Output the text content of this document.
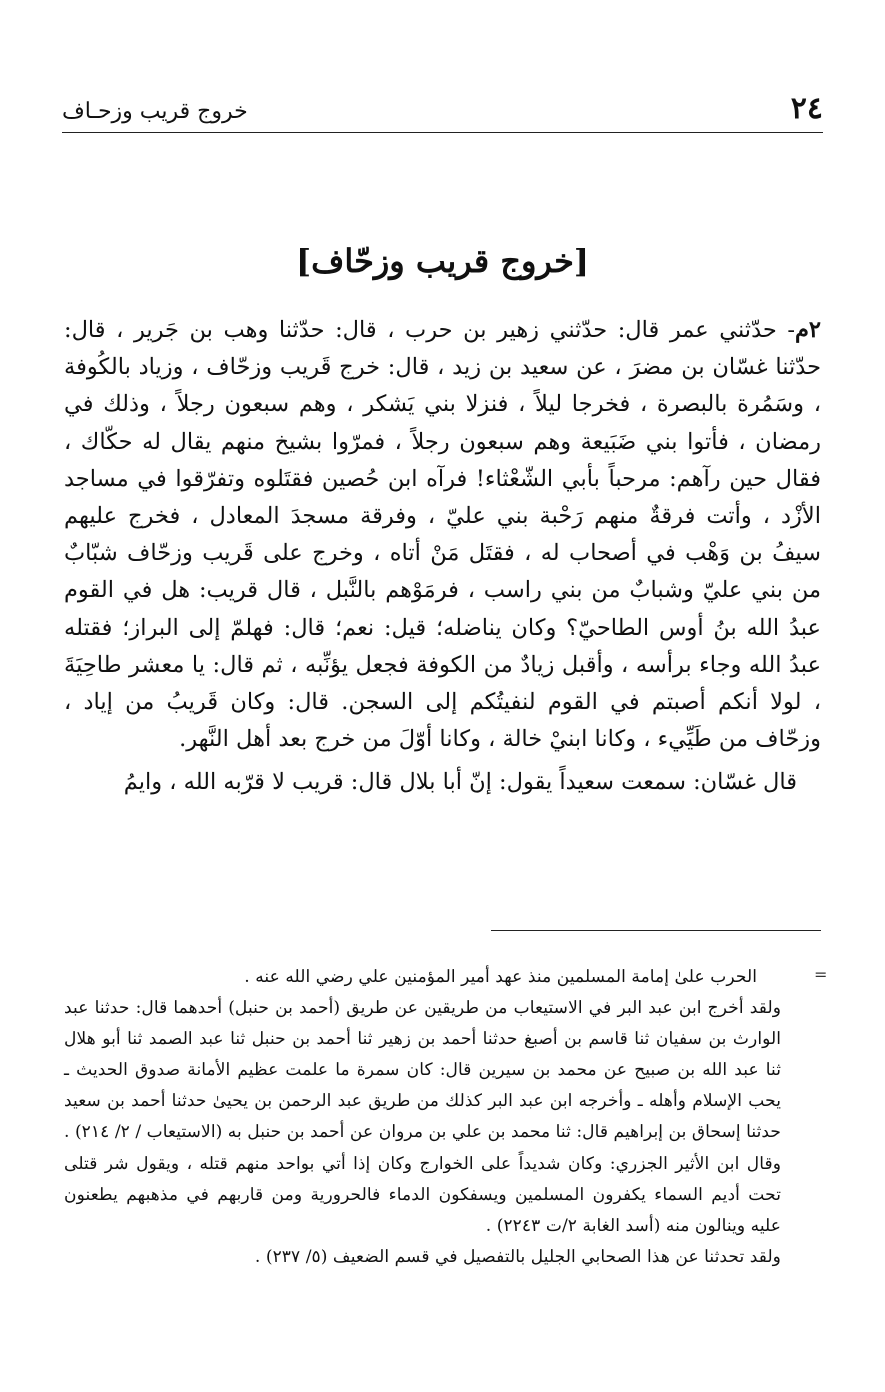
٢٤
خروج قريب وزحـاف
[خروج قريب وزحّاف]

٢م- حدّثني عمر قال: حدّثني زهير بن حرب ، قال: حدّثنا وهب بن جَرير ، قال: حدّثنا غسّان بن مضرَ ، عن سعيد بن زيد ، قال: خرج قَريب وزحّاف ، وزياد بالكُوفة ، وسَمُرة بالبصرة ، فخرجا ليلاً ، فنزلا بني يَشكر ، وهم سبعون رجلاً ، وذلك في رمضان ، فأتوا بني ضَبَيعة وهم سبعون رجلاً ، فمرّوا بشيخ منهم يقال له حكّاك ، فقال حين رآهم: مرحباً بأبي الشّعْثاء! فرآه ابن حُصين فقتَلوه وتفرّقوا في مساجد الأزْد ، وأتت فرقةٌ منهم رَحْبة بني عليّ ، وفرقة مسجدَ المعادل ، فخرج عليهم سيفُ بن وَهْب في أصحاب له ، فقتَل مَنْ أتاه ، وخرج على قَريب وزحّاف شبّابٌ من بني عليّ وشبابٌ من بني راسب ، فرمَوْهم بالنَّبل ، قال قريب: هل في القوم عبدُ الله بنُ أوس الطاحيّ؟ وكان يناضله؛ قيل: نعم؛ قال: فهلمّ إلى البراز؛ فقتله عبدُ الله وجاء برأسه ، وأقبل زيادٌ من الكوفة فجعل يؤنِّبه ، ثم قال: يا معشر طاحِيَةَ ، لولا أنكم أصبتم في القوم لنفيتُكم إلى السجن. قال: وكان قَريبُ من إياد ، وزحّاف من طَيِّيء ، وكانا ابنيْ خالة ، وكانا أوّلَ من خرج بعد أهل النَّهر.

قال غسّان: سمعت سعيداً يقول: إنّ أبا بلال قال: قريب لا قرّبه الله ، وايمُ

=

الحرب علىٰ إمامة المسلمين منذ عهد أمير المؤمنين علي رضي الله عنه .

ولقد أخرج ابن عبد البر في الاستيعاب من طريقين عن طريق (أحمد بن حنبل) أحدهما قال: حدثنا عبد الوارث بن سفيان ثنا قاسم بن أصبغ حدثنا أحمد بن زهير ثنا أحمد بن حنبل ثنا عبد الصمد ثنا أبو هلال ثنا عبد الله بن صبيح عن محمد بن سيرين قال: كان سمرة ما علمت عظيم الأمانة صدوق الحديث ـ يحب الإسلام وأهله ـ وأخرجه ابن عبد البر كذلك من طريق عبد الرحمن بن يحيىٰ حدثنا أحمد بن سعيد حدثنا إسحاق بن إبراهيم قال: ثنا محمد بن علي بن مروان عن أحمد بن حنبل به (الاستيعاب / ٢/ ٢١٤) .

وقال ابن الأثير الجزري: وكان شديداً على الخوارج وكان إذا أتي بواحد منهم قتله ، ويقول شر قتلى تحت أديم السماء يكفرون المسلمين ويسفكون الدماء فالحرورية ومن قاربهم في مذهبهم يطعنون عليه وينالون منه (أسد الغابة ٢/ت ٢٢٤٣) .

ولقد تحدثنا عن هذا الصحابي الجليل بالتفصيل في قسم الضعيف (٥/ ٢٣٧) .
